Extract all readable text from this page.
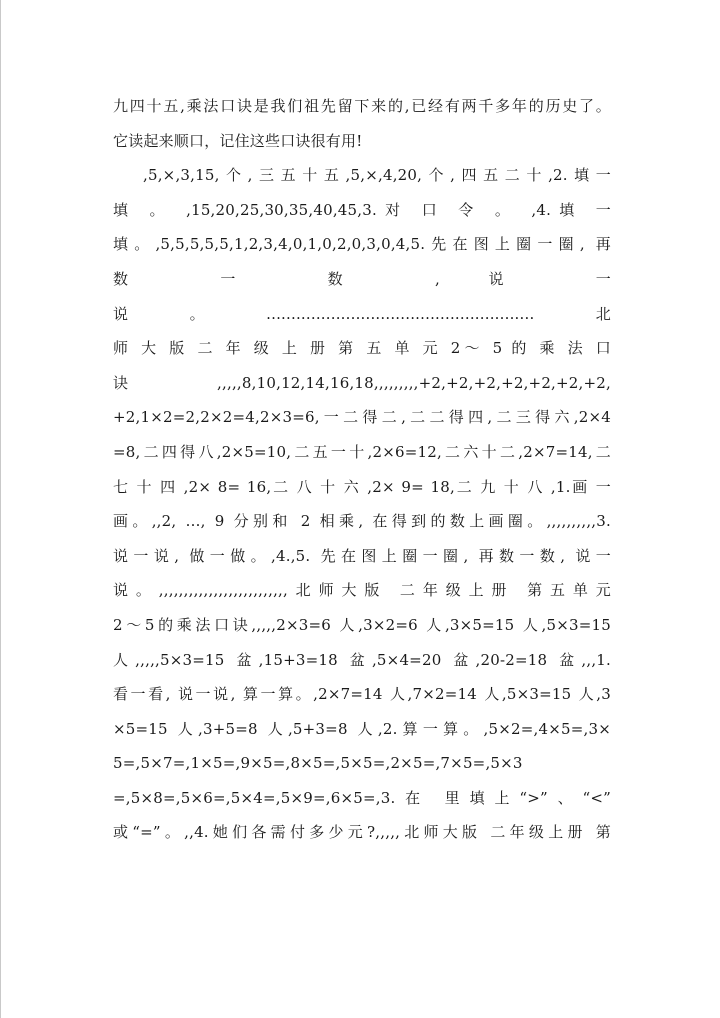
九四十五,乘法口诀是我们祖先留下来的,已经有两千多年的历史了。
它读起来顺口，记住这些口诀很有用!
,5,×,3,15,个,三五十五,5,×,4,20,个,四五二十,2.填一
填 。 ,15,20,25,30,35,40,45,3.对 口 令 。 ,4.填 一
填。,5,5,5,5,5,1,2,3,4,0,1,0,2,0,3,0,4,5.先在图上圈一圈, 再
数 一 数 , 说 一
说。......................................................北
师 大 版 二 年 级 上 册 第 五 单 元 2～ 5 的 乘 法 口
诀,,,,,8,10,12,14,16,18,,,,,,,,,+2,+2,+2,+2,+2,+2,+2,
+2,1×2=2,2×2=4,2×3=6,一二得二,二二得四,二三得六,2×4
=8,二四得八,2×5=10,二五一十,2×6=12,二六十二,2×7=14,二
七 十 四 ,2× 8= 16,二 八 十 六 ,2× 9= 18,二 九 十 八 ,1.画 一
画。,,2, …, 9 分别和 2 相乘, 在得到的数上画圈。,,,,,,,,,,3.
说一说, 做一做。,4.,5. 先在图上圈一圈, 再数一数, 说一
说。,,,,,,,,,,,,,,,,,,,,,,,,,,北师大版 二年级上册 第五单元
2～5的乘法口诀,,,,,2×3=6 人,3×2=6 人,3×5=15 人,5×3=15
人,,,,,5×3=15 盆,15+3=18 盆,5×4=20 盆,20-2=18 盆,,,1.
看一看, 说一说, 算一算。,2×7=14 人,7×2=14 人,5×3=15 人,3
×5=15 人,3+5=8 人,5+3=8 人,2.算一算。,5×2=,4×5=,3×
5=,5×7=,1×5=,9×5=,8×5=,5×5=,2×5=,7×5=,5×3
=,5×8=,5×6=,5×4=,5×9=,6×5=,3.在 里填上“>”、“<”
或“=”。,,4.她们各需付多少元?,,,,,北师大版 二年级上册 第
